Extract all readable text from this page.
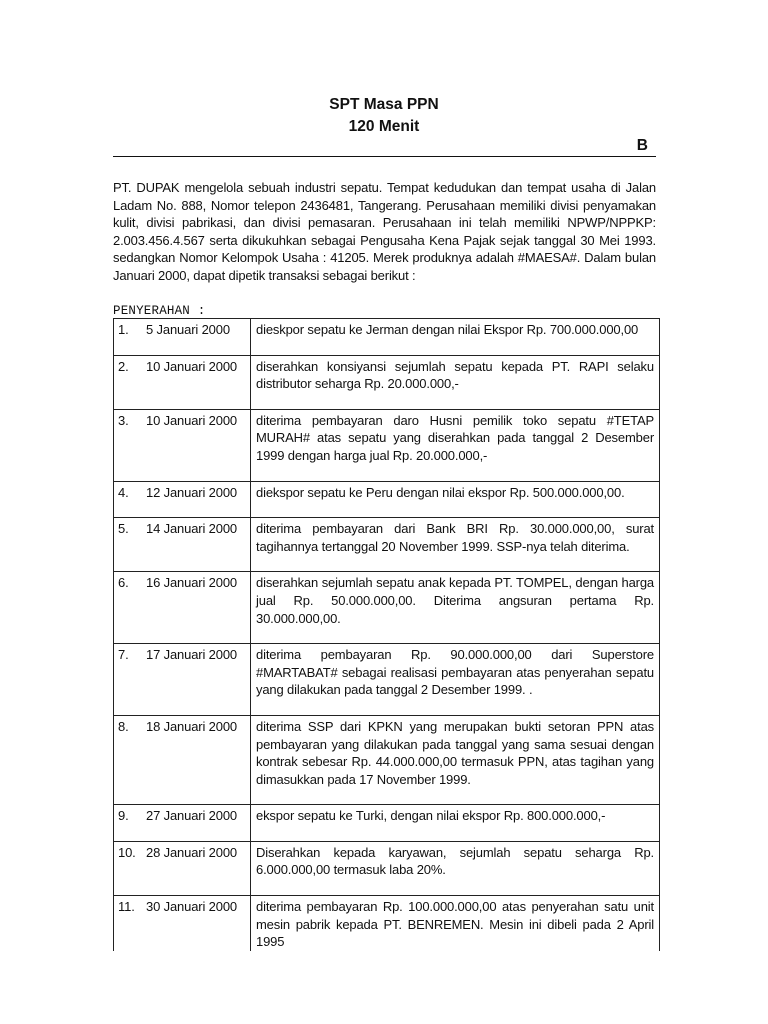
SPT Masa PPN
120 Menit
B

PT. DUPAK mengelola sebuah industri sepatu. Tempat kedudukan dan tempat usaha di Jalan Ladam No. 888, Nomor telepon 2436481, Tangerang. Perusahaan memiliki divisi penyamakan kulit, divisi pabrikasi, dan divisi pemasaran. Perusahaan ini telah memiliki NPWP/NPPKP: 2.003.456.4.567 serta dikukuhkan sebagai Pengusaha Kena Pajak sejak tanggal 30 Mei 1993. sedangkan Nomor Kelompok Usaha : 41205. Merek produknya adalah #MAESA#. Dalam bulan Januari 2000, dapat dipetik transaksi sebagai berikut :

PENYERAHAN :
1. 5 Januari 2000	dieskpor sepatu ke Jerman dengan nilai Ekspor Rp. 700.000.000,00
2. 10 Januari 2000	diserahkan konsiyansi sejumlah sepatu kepada PT. RAPI selaku distributor seharga Rp. 20.000.000,-
3. 10 Januari 2000	diterima pembayaran daro Husni pemilik toko sepatu #TETAP MURAH# atas sepatu yang diserahkan pada tanggal 2 Desember 1999 dengan harga jual Rp. 20.000.000,-
4. 12 Januari 2000	diekspor sepatu ke Peru dengan nilai ekspor Rp. 500.000.000,00.
5. 14 Januari 2000	diterima pembayaran dari Bank BRI Rp. 30.000.000,00, surat tagihannya tertanggal 20 November 1999. SSP-nya telah diterima.
6. 16 Januari 2000	diserahkan sejumlah sepatu anak kepada PT. TOMPEL, dengan harga jual Rp. 50.000.000,00. Diterima angsuran pertama Rp. 30.000.000,00.
7. 17 Januari 2000	diterima pembayaran Rp. 90.000.000,00 dari Superstore #MARTABAT# sebagai realisasi pembayaran atas penyerahan sepatu yang dilakukan pada tanggal 2 Desember 1999. .
8. 18 Januari 2000	diterima SSP dari KPKN yang merupakan bukti setoran PPN atas pembayaran yang dilakukan pada tanggal yang sama sesuai dengan kontrak sebesar Rp. 44.000.000,00 termasuk PPN, atas tagihan yang dimasukkan pada 17 November 1999.
9. 27 Januari 2000	ekspor sepatu ke Turki, dengan nilai ekspor Rp. 800.000.000,-
10. 28 Januari 2000	Diserahkan kepada karyawan, sejumlah sepatu seharga Rp. 6.000.000,00 termasuk laba 20%.
11. 30 Januari 2000	diterima pembayaran Rp. 100.000.000,00 atas penyerahan satu unit mesin pabrik kepada PT. BENREMEN. Mesin ini dibeli pada 2 April 1995
